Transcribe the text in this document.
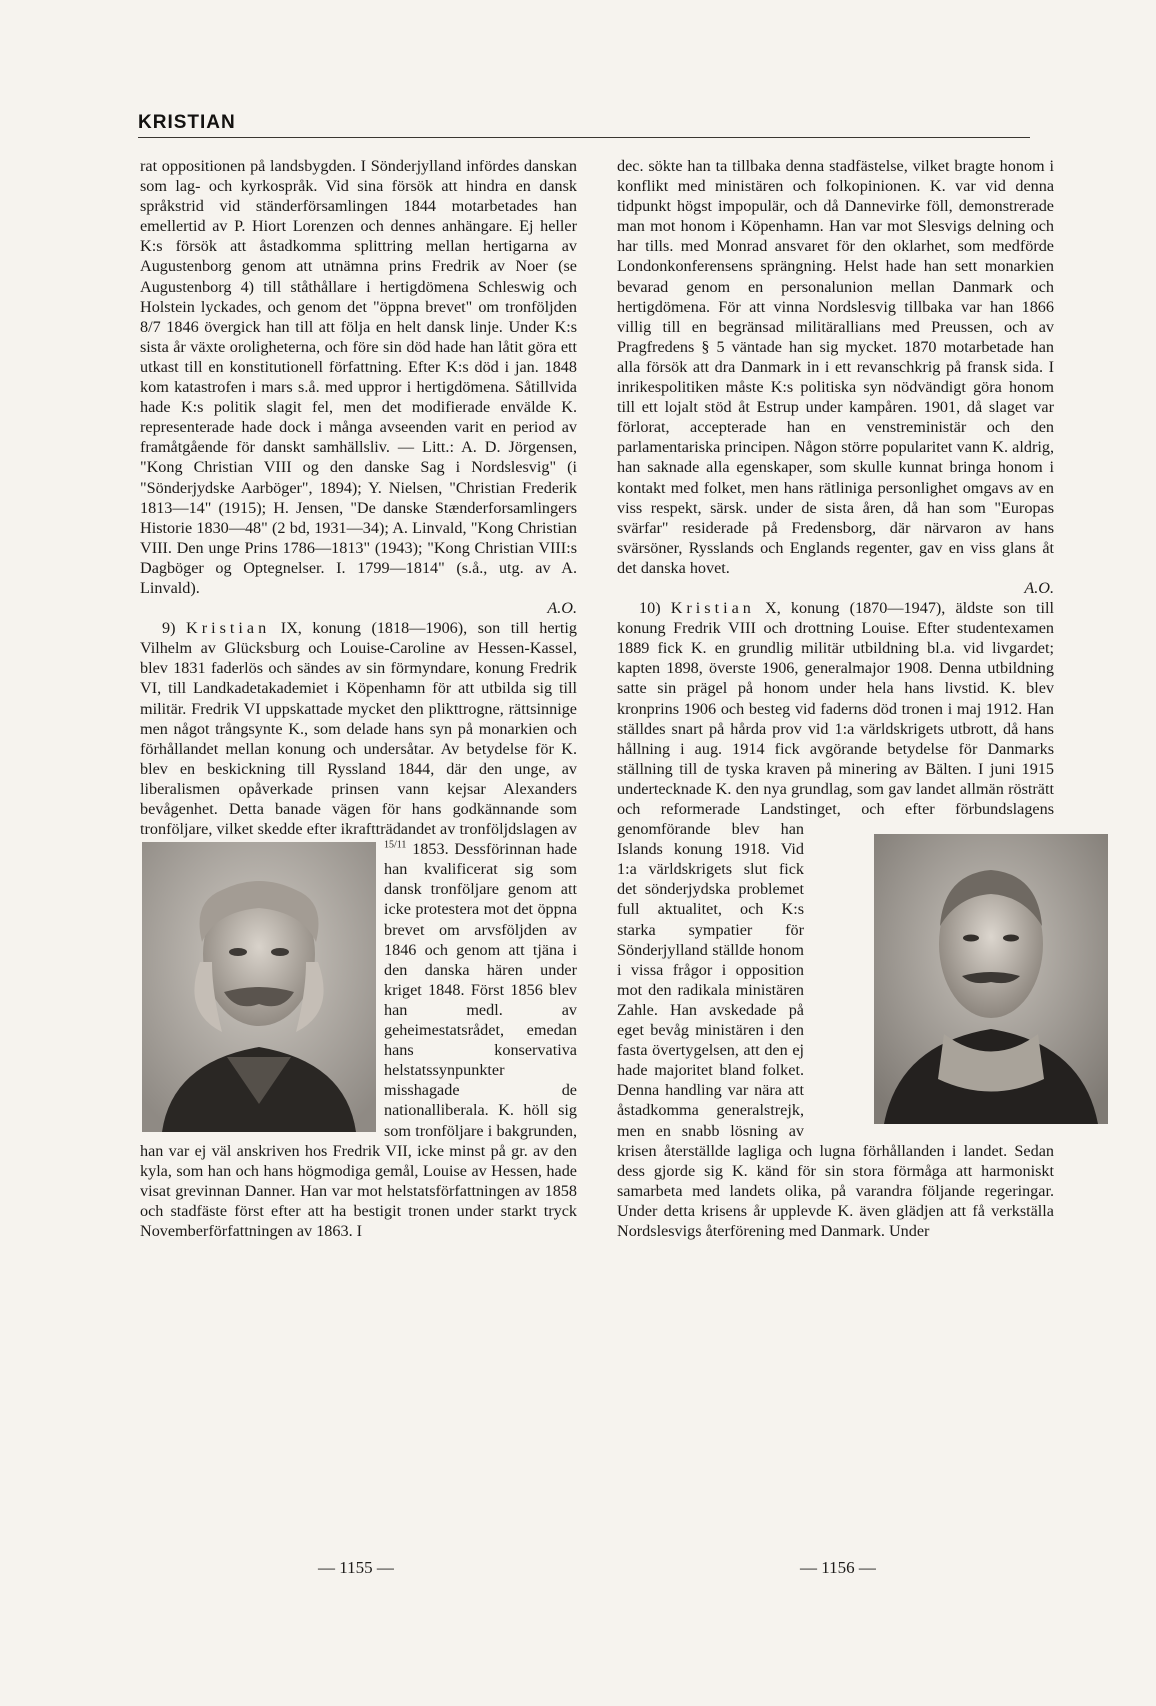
KRISTIAN

rat oppositionen på landsbygden. I Sönderjylland infördes danskan som lag- och kyrkospråk. Vid sina försök att hindra en dansk språkstrid vid ständerförsamlingen 1844 motarbetades han emellertid av P. Hiort Lorenzen och dennes anhängare. Ej heller K:s försök att åstadkomma splittring mellan hertigarna av Augustenborg genom att utnämna prins Fredrik av Noer (se Augustenborg 4) till ståthållare i hertigdömena Schleswig och Holstein lyckades, och genom det "öppna brevet" om tronföljden 8/7 1846 övergick han till att följa en helt dansk linje. Under K:s sista år växte oroligheterna, och före sin död hade han låtit göra ett utkast till en konstitutionell författning. Efter K:s död i jan. 1848 kom katastrofen i mars s.å. med uppror i hertigdömena. Såtillvida hade K:s politik slagit fel, men det modifierade envälde K. representerade hade dock i många avseenden varit en period av framåtgående för danskt samhällsliv. — Litt.: A. D. Jörgensen, "Kong Christian VIII og den danske Sag i Nordslesvig" (i "Sönderjydske Aarböger", 1894); Y. Nielsen, "Christian Frederik 1813—14" (1915); H. Jensen, "De danske Stænderforsamlingers Historie 1830—48" (2 bd, 1931—34); A. Linvald, "Kong Christian VIII. Den unge Prins 1786—1813" (1943); "Kong Christian VIII:s Dagböger og Optegnelser. I. 1799—1814" (s.å., utg. av A. Linvald).
A.O.

9) Kristian IX, konung (1818—1906), son till hertig Vilhelm av Glücksburg och Louise-Caroline av Hessen-Kassel, blev 1831 faderlös och sändes av sin förmyndare, konung Fredrik VI, till Landkadetakademiet i Köpenhamn för att utbilda sig till militär. Fredrik VI uppskattade mycket den plikttrogne, rättsinnige men något trångsynte K., som delade hans syn på monarkien och förhållandet mellan konung och undersåtar. Av betydelse för K. blev en beskickning till Ryssland 1844, där den unge, av liberalismen opåverkade prinsen vann kejsar Alexanders bevågenhet. Detta banade vägen för hans godkännande som tronföljare, vilket skedde efter ikraftträdandet av tronföljdslagen av $^{15/11}$ 1853. Dessförinnan hade han kvalificerat sig som dansk tronföljare genom att icke protestera mot det öppna brevet om arvsföljden av 1846 och genom att tjäna i den danska hären under kriget 1848. Först 1856 blev han medl. av geheimestatsrådet, emedan hans konservativa helstatssynpunkter misshagade de nationalliberala. K. höll sig som tronföljare i bakgrunden, han var ej väl anskriven hos Fredrik VII, icke minst på gr. av den kyla, som han och hans högmodiga gemål, Louise av Hessen, hade visat grevinnan Danner. Han var mot helstatsförfattningen av 1858 och stadfäste först efter att ha bestigit tronen under starkt tryck Novemberförfattningen av 1863. I

dec. sökte han ta tillbaka denna stadfästelse, vilket bragte honom i konflikt med ministären och folkopinionen. K. var vid denna tidpunkt högst impopulär, och då Dannevirke föll, demonstrerade man mot honom i Köpenhamn. Han var mot Slesvigs delning och har tills. med Monrad ansvaret för den oklarhet, som medförde Londonkonferensens sprängning. Helst hade han sett monarkien bevarad genom en personalunion mellan Danmark och hertigdömena. För att vinna Nordslesvig tillbaka var han 1866 villig till en begränsad militärallians med Preussen, och av Pragfredens § 5 väntade han sig mycket. 1870 motarbetade han alla försök att dra Danmark in i ett revanschkrig på fransk sida. I inrikespolitiken måste K:s politiska syn nödvändigt göra honom till ett lojalt stöd åt Estrup under kampåren. 1901, då slaget var förlorat, accepterade han en venstreministär och den parlamentariska principen. Någon större popularitet vann K. aldrig, han saknade alla egenskaper, som skulle kunnat bringa honom i kontakt med folket, men hans rätliniga personlighet omgavs av en viss respekt, särsk. under de sista åren, då han som "Europas svärfar" residerade på Fredensborg, där närvaron av hans svärsöner, Rysslands och Englands regenter, gav en viss glans åt det danska hovet.
A.O.

10) Kristian X, konung (1870—1947), äldste son till konung Fredrik VIII och drottning Louise. Efter studentexamen 1889 fick K. en grundlig militär utbildning bl.a. vid livgardet; kapten 1898, överste 1906, generalmajor 1908. Denna utbildning satte sin prägel på honom under hela hans livstid. K. blev kronprins 1906 och besteg vid faderns död tronen i maj 1912. Han ställdes snart på hårda prov vid 1:a världskrigets utbrott, då hans hållning i aug. 1914 fick avgörande betydelse för Danmarks ställning till de tyska kraven på minering av Bälten. I juni 1915 undertecknade K. den nya grundlag, som gav landet allmän rösträtt och reformerade Landstinget, och efter förbundslagens genomförande blev han Islands konung 1918. Vid 1:a världskrigets slut fick det sönderjydska problemet full aktualitet, och K:s starka sympatier för Sönderjylland ställde honom i vissa frågor i opposition mot den radikala ministären Zahle. Han avskedade på eget bevåg ministären i den fasta övertygelsen, att den ej hade majoritet bland folket. Denna handling var nära att åstadkomma generalstrejk, men en snabb lösning av krisen återställde lagliga och lugna förhållanden i landet. Sedan dess gjorde sig K. känd för sin stora förmåga att harmoniskt samarbeta med landets olika, på varandra följande regeringar. Under detta krisens år upplevde K. även glädjen att få verkställa Nordslesvigs återförening med Danmark. Under

— 1155 —	— 1156 —
